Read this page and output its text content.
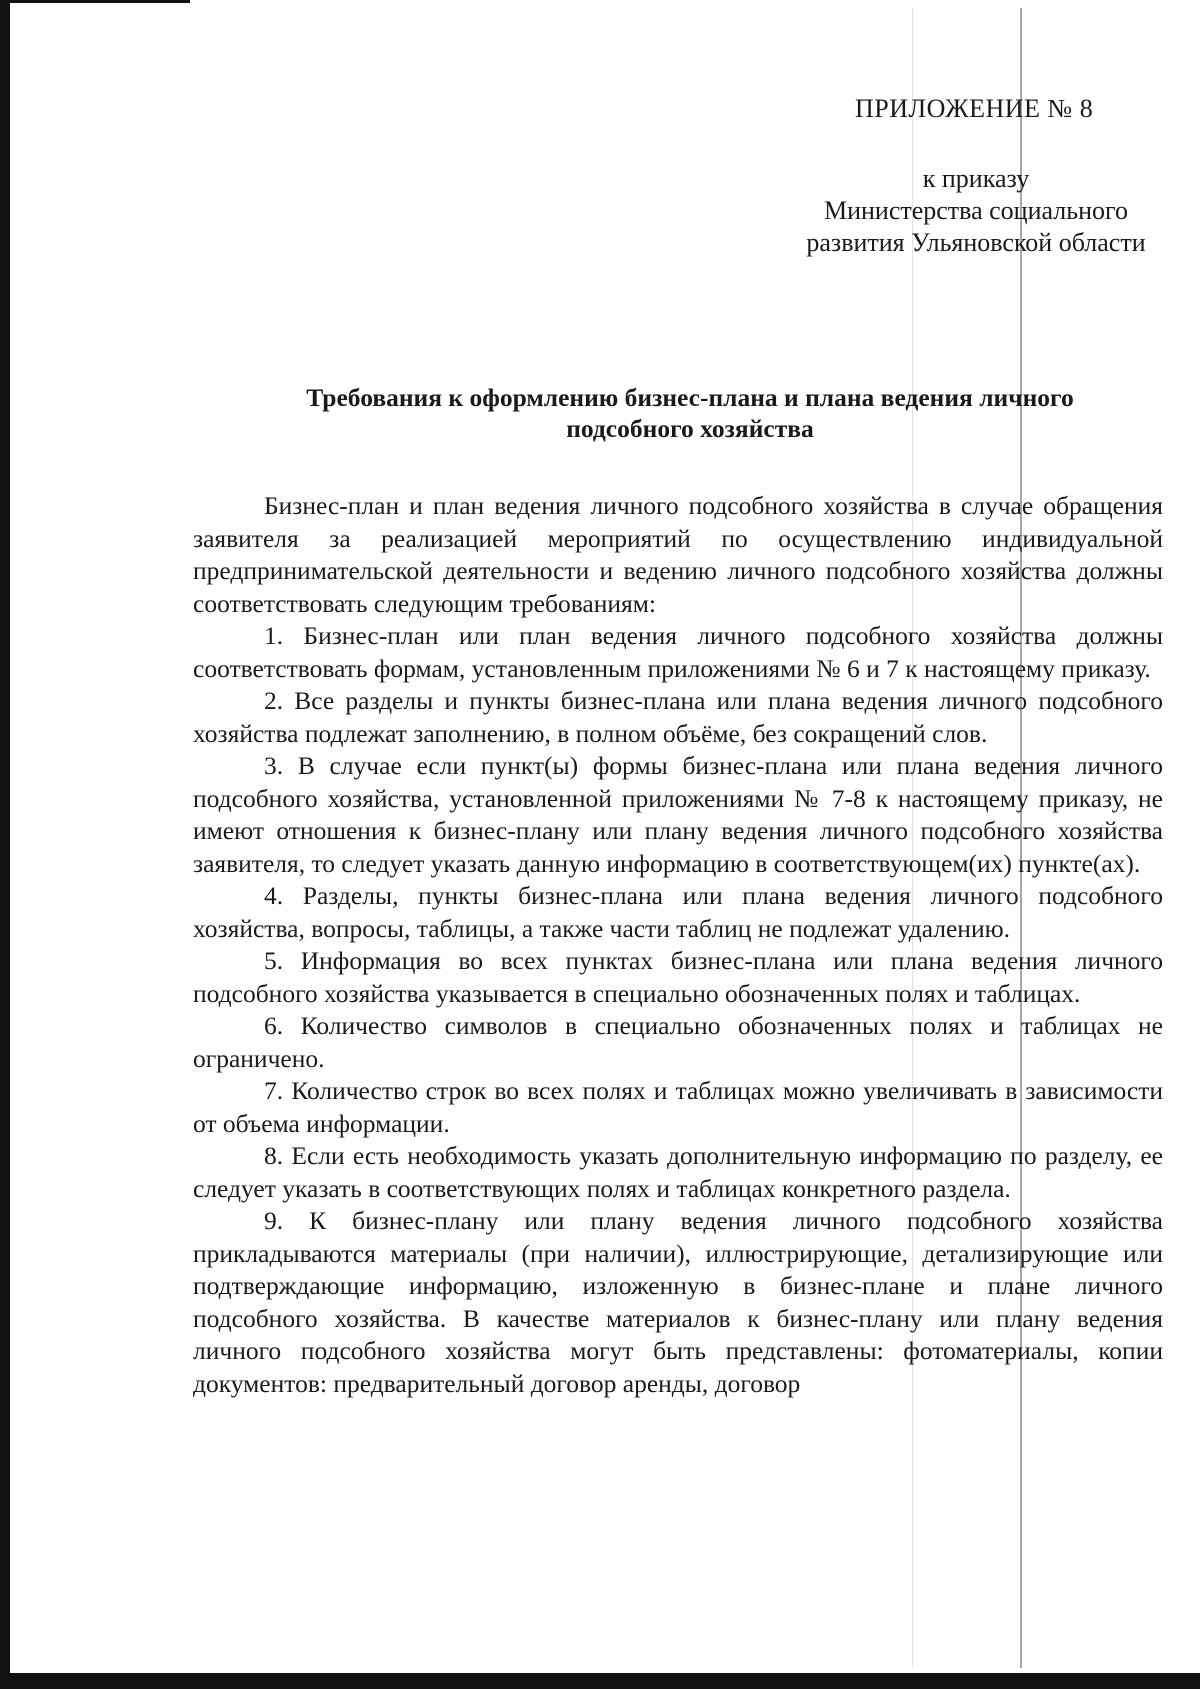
ПРИЛОЖЕНИЕ № 8
к приказу
Министерства социального
развития Ульяновской области
Требования к оформлению бизнес-плана и плана ведения личного
подсобного хозяйства

Бизнес-план и план ведения личного подсобного хозяйства в случае обращения заявителя за реализацией мероприятий по осуществлению индивидуальной предпринимательской деятельности и ведению личного подсобного хозяйства должны соответствовать следующим требованиям:

1. Бизнес-план или план ведения личного подсобного хозяйства должны соответствовать формам, установленным приложениями № 6 и 7 к настоящему приказу.

2. Все разделы и пункты бизнес-плана или плана ведения личного подсобного хозяйства подлежат заполнению, в полном объёме, без сокращений слов.

3. В случае если пункт(ы) формы бизнес-плана или плана ведения личного подсобного хозяйства, установленной приложениями № 7-8 к настоящему приказу, не имеют отношения к бизнес-плану или плану ведения личного подсобного хозяйства заявителя, то следует указать данную информацию в соответствующем(их) пункте(ах).

4. Разделы, пункты бизнес-плана или плана ведения личного подсобного хозяйства, вопросы, таблицы, а также части таблиц не подлежат удалению.

5. Информация во всех пунктах бизнес-плана или плана ведения личного подсобного хозяйства указывается в специально обозначенных полях и таблицах.

6. Количество символов в специально обозначенных полях и таблицах не ограничено.

7. Количество строк во всех полях и таблицах можно увеличивать в зависимости от объема информации.

8. Если есть необходимость указать дополнительную информацию по разделу, ее следует указать в соответствующих полях и таблицах конкретного раздела.

9. К бизнес-плану или плану ведения личного подсобного хозяйства прикладываются материалы (при наличии), иллюстрирующие, детализирующие или подтверждающие информацию, изложенную в бизнес-плане и плане личного подсобного хозяйства. В качестве материалов к бизнес-плану или плану ведения личного подсобного хозяйства могут быть представлены: фотоматериалы, копии документов: предварительный договор аренды, договор
